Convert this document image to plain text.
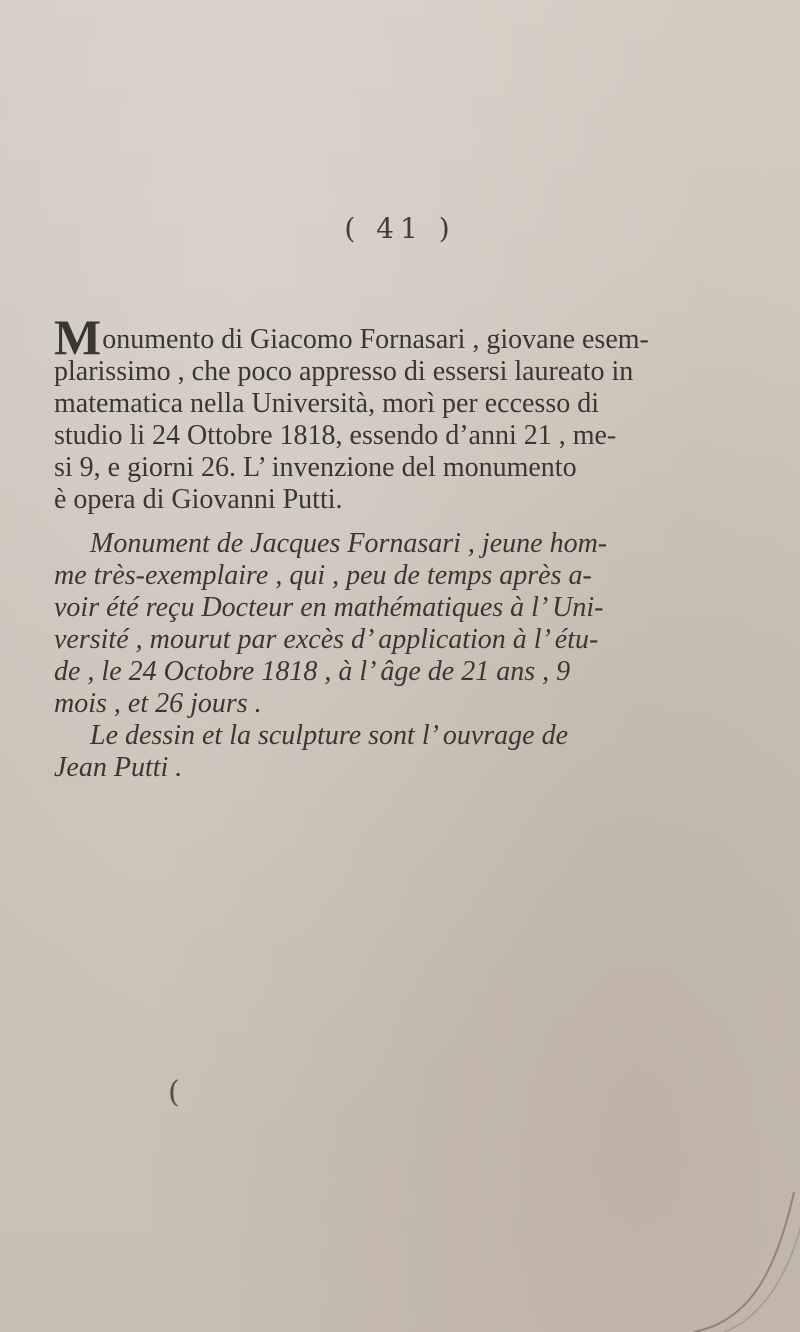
( 41 )
Monumento di Giacomo Fornasari , giovane esem-
plarissimo , che poco appresso di essersi laureato in
matematica nella Università, morì per eccesso di
studio li 24 Ottobre 1818, essendo d’anni 21 , me-
si 9, e giorni 26. L’ invenzione del monumento
è opera di Giovanni Putti.
Monument de Jacques Fornasari , jeune hom-
me très-exemplaire , qui , peu de temps après a-
voir été reçu Docteur en mathématiques à l’ Uni-
versité , mourut par excès d’ application à l’ étu-
de , le 24 Octobre 1818 , à l’ âge de 21 ans , 9
mois , et 26 jours .
Le dessin et la sculpture sont l’ ouvrage de
Jean Putti .
(
